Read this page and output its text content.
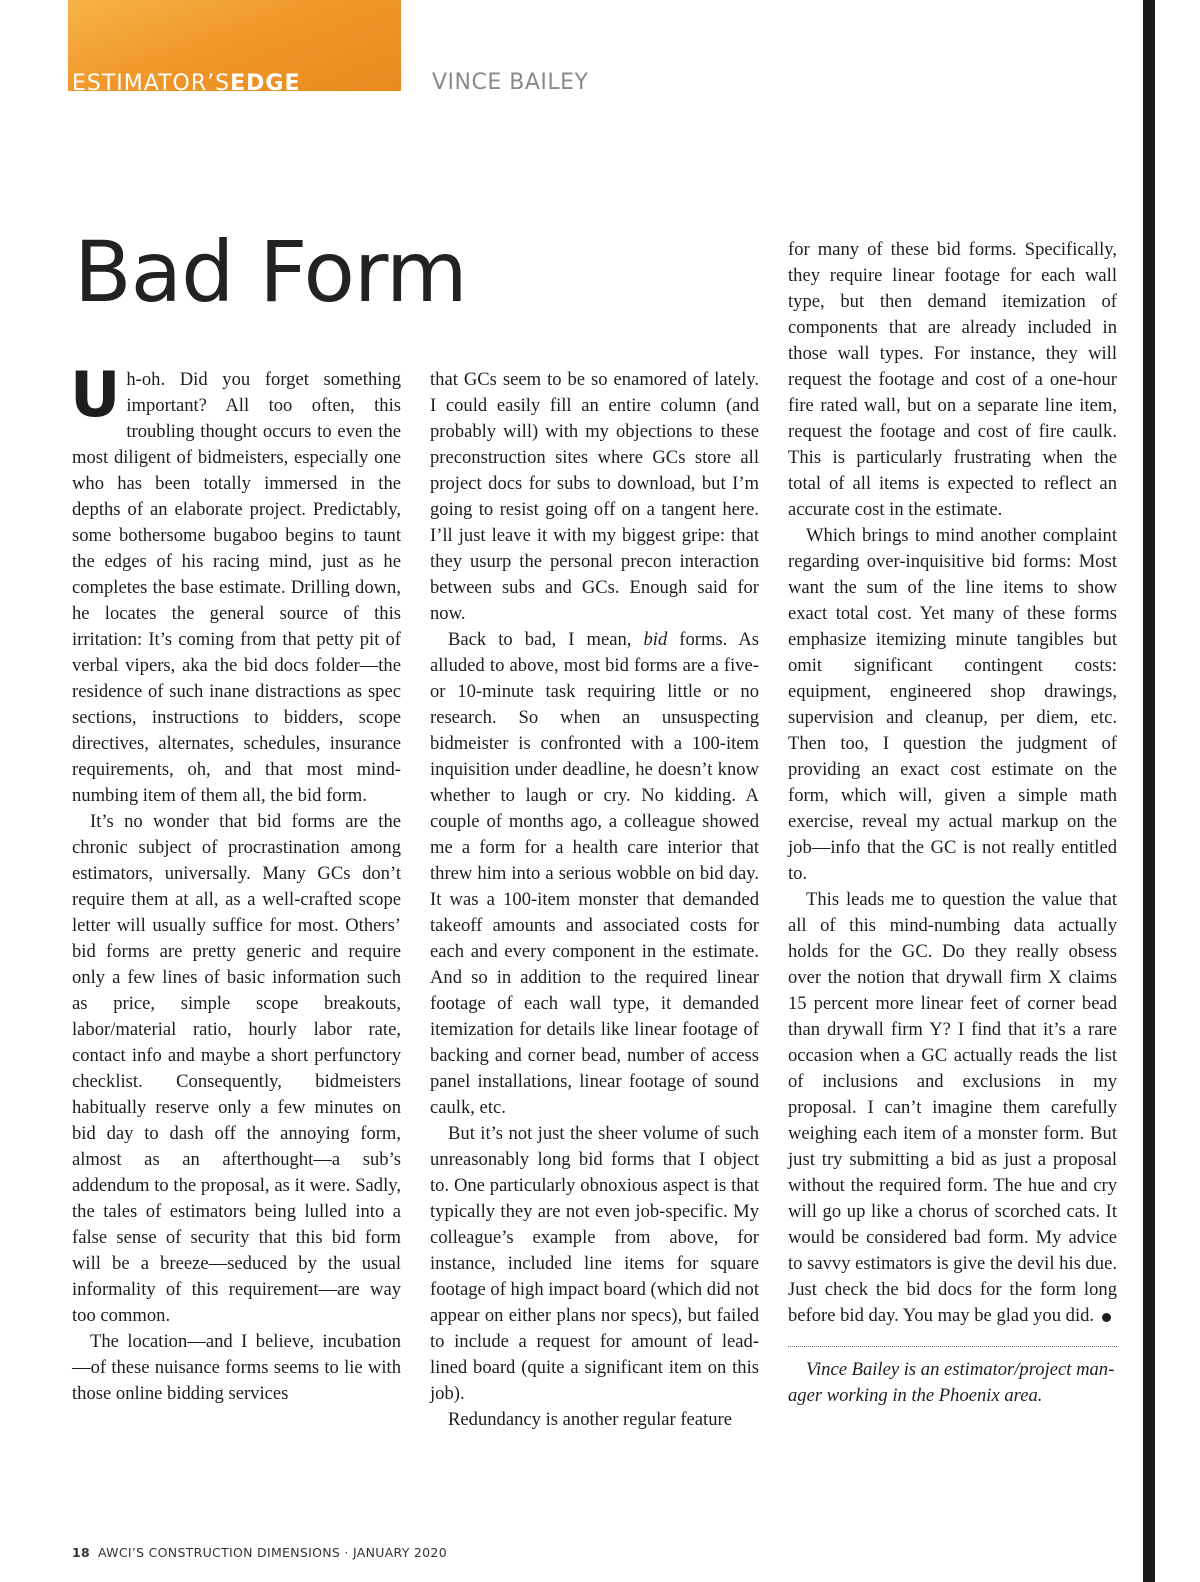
ESTIMATOR’SEDGE	VINCE BAILEY
Bad Form

Uh-oh. Did you forget something important? All too often, this troubling thought occurs to even the most diligent of bidmeisters, especially one who has been totally immersed in the depths of an elaborate project. Predictably, some bothersome bugaboo begins to taunt the edges of his racing mind, just as he completes the base estimate. Drilling down, he locates the general source of this irritation: It’s coming from that petty pit of verbal vipers, aka the bid docs folder—the residence of such inane distractions as spec sections, instructions to bidders, scope directives, alternates, schedules, insurance requirements, oh, and that most mind-numbing item of them all, the bid form.

It’s no wonder that bid forms are the chronic subject of procrastination among estimators, universally. Many GCs don’t require them at all, as a well-crafted scope letter will usually suffice for most. Others’ bid forms are pretty generic and require only a few lines of basic information such as price, simple scope breakouts, labor/material ratio, hourly labor rate, contact info and maybe a short perfunctory checklist. Consequently, bidmeisters habitually reserve only a few minutes on bid day to dash off the annoying form, almost as an afterthought—a sub’s addendum to the proposal, as it were. Sadly, the tales of estimators being lulled into a false sense of security that this bid form will be a breeze—seduced by the usual informality of this requirement—are way too common.

The location—and I believe, incubation—of these nuisance forms seems to lie with those online bidding services

that GCs seem to be so enamored of lately. I could easily fill an entire column (and probably will) with my objections to these preconstruction sites where GCs store all project docs for subs to download, but I’m going to resist going off on a tangent here. I’ll just leave it with my biggest gripe: that they usurp the personal precon interaction between subs and GCs. Enough said for now.

Back to bad, I mean, bid forms. As alluded to above, most bid forms are a five- or 10-minute task requiring little or no research. So when an unsuspecting bidmeister is confronted with a 100-item inquisition under deadline, he doesn’t know whether to laugh or cry. No kidding. A couple of months ago, a colleague showed me a form for a health care interior that threw him into a serious wobble on bid day. It was a 100-item monster that demanded takeoff amounts and associated costs for each and every component in the estimate. And so in addition to the required linear footage of each wall type, it demanded itemization for details like linear footage of backing and corner bead, number of access panel installations, linear footage of sound caulk, etc.

But it’s not just the sheer volume of such unreasonably long bid forms that I object to. One particularly obnoxious aspect is that typically they are not even job-specific. My colleague’s example from above, for instance, included line items for square footage of high impact board (which did not appear on either plans nor specs), but failed to include a request for amount of lead-lined board (quite a significant item on this job).

Redundancy is another regular feature

for many of these bid forms. Specifically, they require linear footage for each wall type, but then demand itemization of components that are already included in those wall types. For instance, they will request the footage and cost of a one-hour fire rated wall, but on a separate line item, request the footage and cost of fire caulk. This is particularly frustrating when the total of all items is expected to reflect an accurate cost in the estimate.

Which brings to mind another complaint regarding over-inquisitive bid forms: Most want the sum of the line items to show exact total cost. Yet many of these forms emphasize itemizing minute tangibles but omit significant contingent costs: equipment, engineered shop drawings, supervision and cleanup, per diem, etc. Then too, I question the judgment of providing an exact cost estimate on the form, which will, given a simple math exercise, reveal my actual markup on the job—info that the GC is not really entitled to.

This leads me to question the value that all of this mind-numbing data actually holds for the GC. Do they really obsess over the notion that drywall firm X claims 15 percent more linear feet of corner bead than drywall firm Y? I find that it’s a rare occasion when a GC actually reads the list of inclusions and exclusions in my proposal. I can’t imagine them carefully weighing each item of a monster form. But just try submitting a bid as just a proposal without the required form. The hue and cry will go up like a chorus of scorched cats. It would be considered bad form. My advice to savvy estimators is give the devil his due. Just check the bid docs for the form long before bid day. You may be glad you did.

Vince Bailey is an estimator/project manager working in the Phoenix area.

18 AWCI’S CONSTRUCTION DIMENSIONS · JANUARY 2020
